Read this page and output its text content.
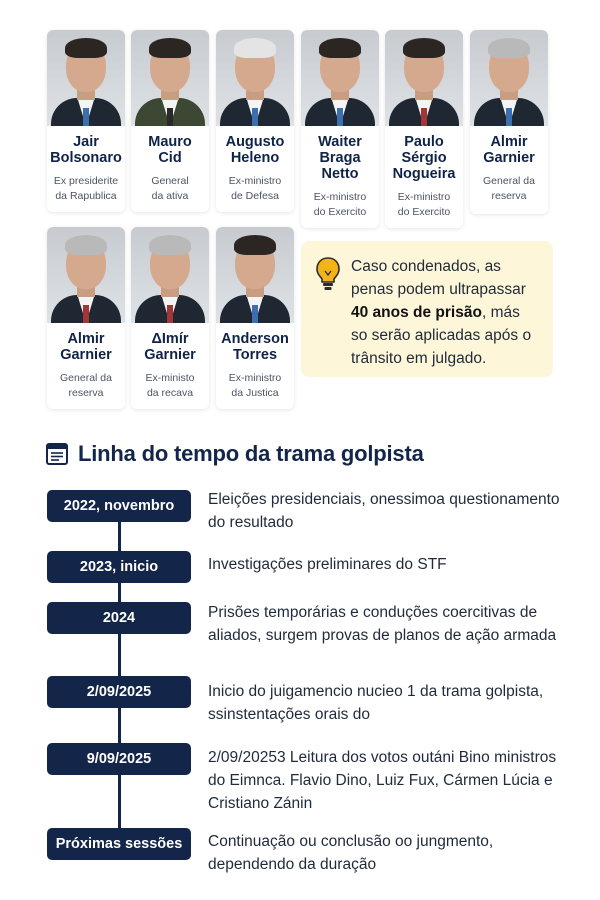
Jair
Bolsonaro
Ex presiderite
da Rapublica
Mauro
Cid
General
da ativa
Augusto
Heleno
Ex-ministro
de Defesa
Waiter
Braga
Netto
Ex-ministro
do Exercito
Paulo
Sérgio
Nogueira
Ex-ministro
do Exercito
Almir
Garnier
General da
reserva
Almir
Garnier
General da
reserva
ΔImír
Garnier
Ex-ministo
da recava
Anderson
Torres
Ex-ministro
da Justica
Caso condenados, as penas podem ultrapassar 40 anos de prisão, más so serão aplicadas após o trânsito em julgado.
Linha do tempo da trama golpista
2022, novembro	Eleições presidenciais, onessimoa questionamento do resultado
2023, inicio	Investigações preliminares do STF
2024	Prisões temporárias e conduções coercitivas de aliados, surgem provas de planos de ação armada
2/09/2025	Inicio do juigamencio nucieo 1 da trama golpista, ssinstentações orais do
9/09/2025	2/09/20253 Leitura dos votos outáni Bino ministros do Eimnca. Flavio Dino, Luiz Fux, Cármen Lúcia e Cristiano Zánin
Próximas sessões	Continuação ou conclusão oo jungmento, dependendo da duração
